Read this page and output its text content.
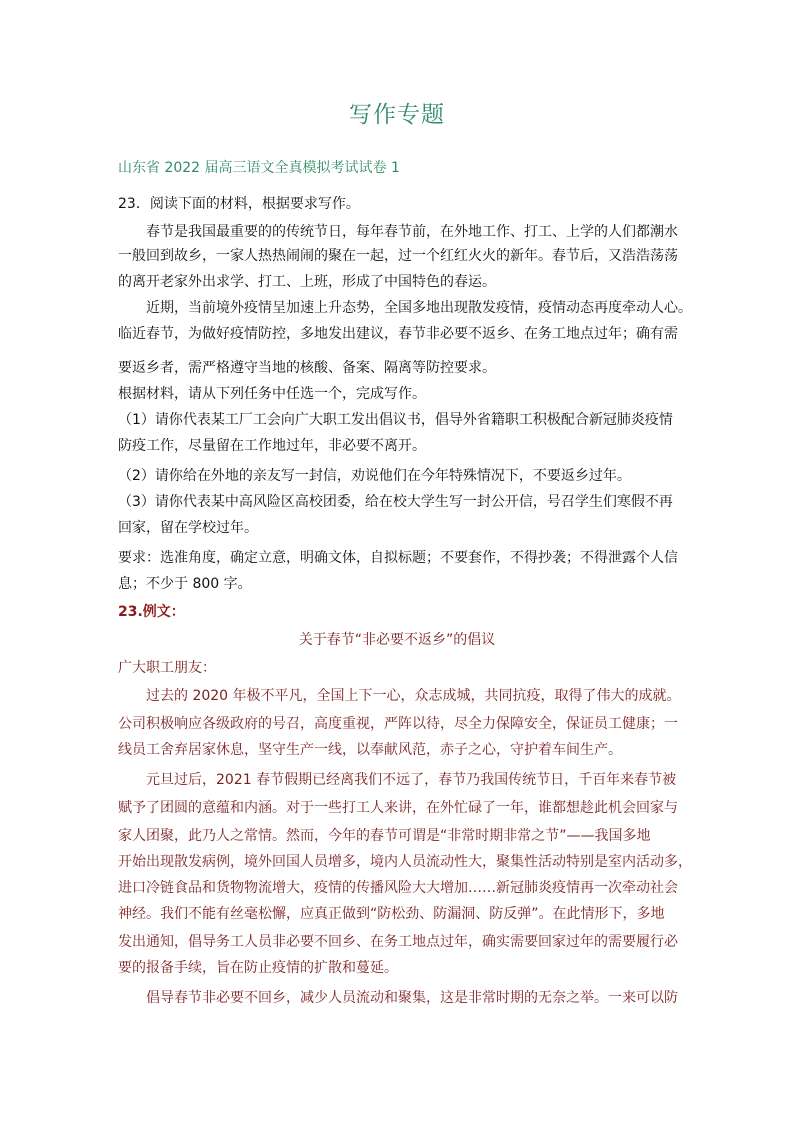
写作专题
山东省 2022 届高三语文全真模拟考试试卷 1
23．阅读下面的材料，根据要求写作。
春节是我国最重要的的传统节日，每年春节前，在外地工作、打工、上学的人们都潮水
一般回到故乡，一家人热热闹闹的聚在一起，过一个红红火火的新年。春节后，又浩浩荡荡
的离开老家外出求学、打工、上班，形成了中国特色的春运。
近期，当前境外疫情呈加速上升态势，全国多地出现散发疫情，疫情动态再度牵动人心。
临近春节，为做好疫情防控，多地发出建议，春节非必要不返乡、在务工地点过年；确有需
要返乡者，需严格遵守当地的核酸、备案、隔离等防控要求。
根据材料，请从下列任务中任选一个，完成写作。
（1）请你代表某工厂工会向广大职工发出倡议书，倡导外省籍职工积极配合新冠肺炎疫情
防疫工作，尽量留在工作地过年，非必要不离开。
（2）请你给在外地的亲友写一封信，劝说他们在今年特殊情况下，不要返乡过年。
（3）请你代表某中高风险区高校团委，给在校大学生写一封公开信，号召学生们寒假不再
回家，留在学校过年。
要求：选准角度，确定立意，明确文体，自拟标题；不要套作，不得抄袭；不得泄露个人信
息；不少于 800 字。
23.例文：
关于春节“非必要不返乡”的倡议
广大职工朋友：
过去的 2020 年极不平凡，全国上下一心，众志成城，共同抗疫，取得了伟大的成就。
公司积极响应各级政府的号召，高度重视，严阵以待，尽全力保障安全，保证员工健康；一
线员工舍弃居家休息，坚守生产一线，以奉献风范，赤子之心，守护着车间生产。
元旦过后，2021 春节假期已经离我们不远了，春节乃我国传统节日，千百年来春节被
赋予了团圆的意蕴和内涵。对于一些打工人来讲，在外忙碌了一年，谁都想趁此机会回家与
家人团聚，此乃人之常情。然而，今年的春节可谓是“非常时期非常之节”——我国多地
开始出现散发病例，境外回国人员增多，境内人员流动性大，聚集性活动特别是室内活动多，
进口冷链食品和货物物流增大，疫情的传播风险大大增加……新冠肺炎疫情再一次牵动社会
神经。我们不能有丝毫松懈，应真正做到“防松劲、防漏洞、防反弹”。在此情形下，多地
发出通知，倡导务工人员非必要不回乡、在务工地点过年，确实需要回家过年的需要履行必
要的报备手续，旨在防止疫情的扩散和蔓延。
倡导春节非必要不回乡，减少人员流动和聚集，这是非常时期的无奈之举。一来可以防
